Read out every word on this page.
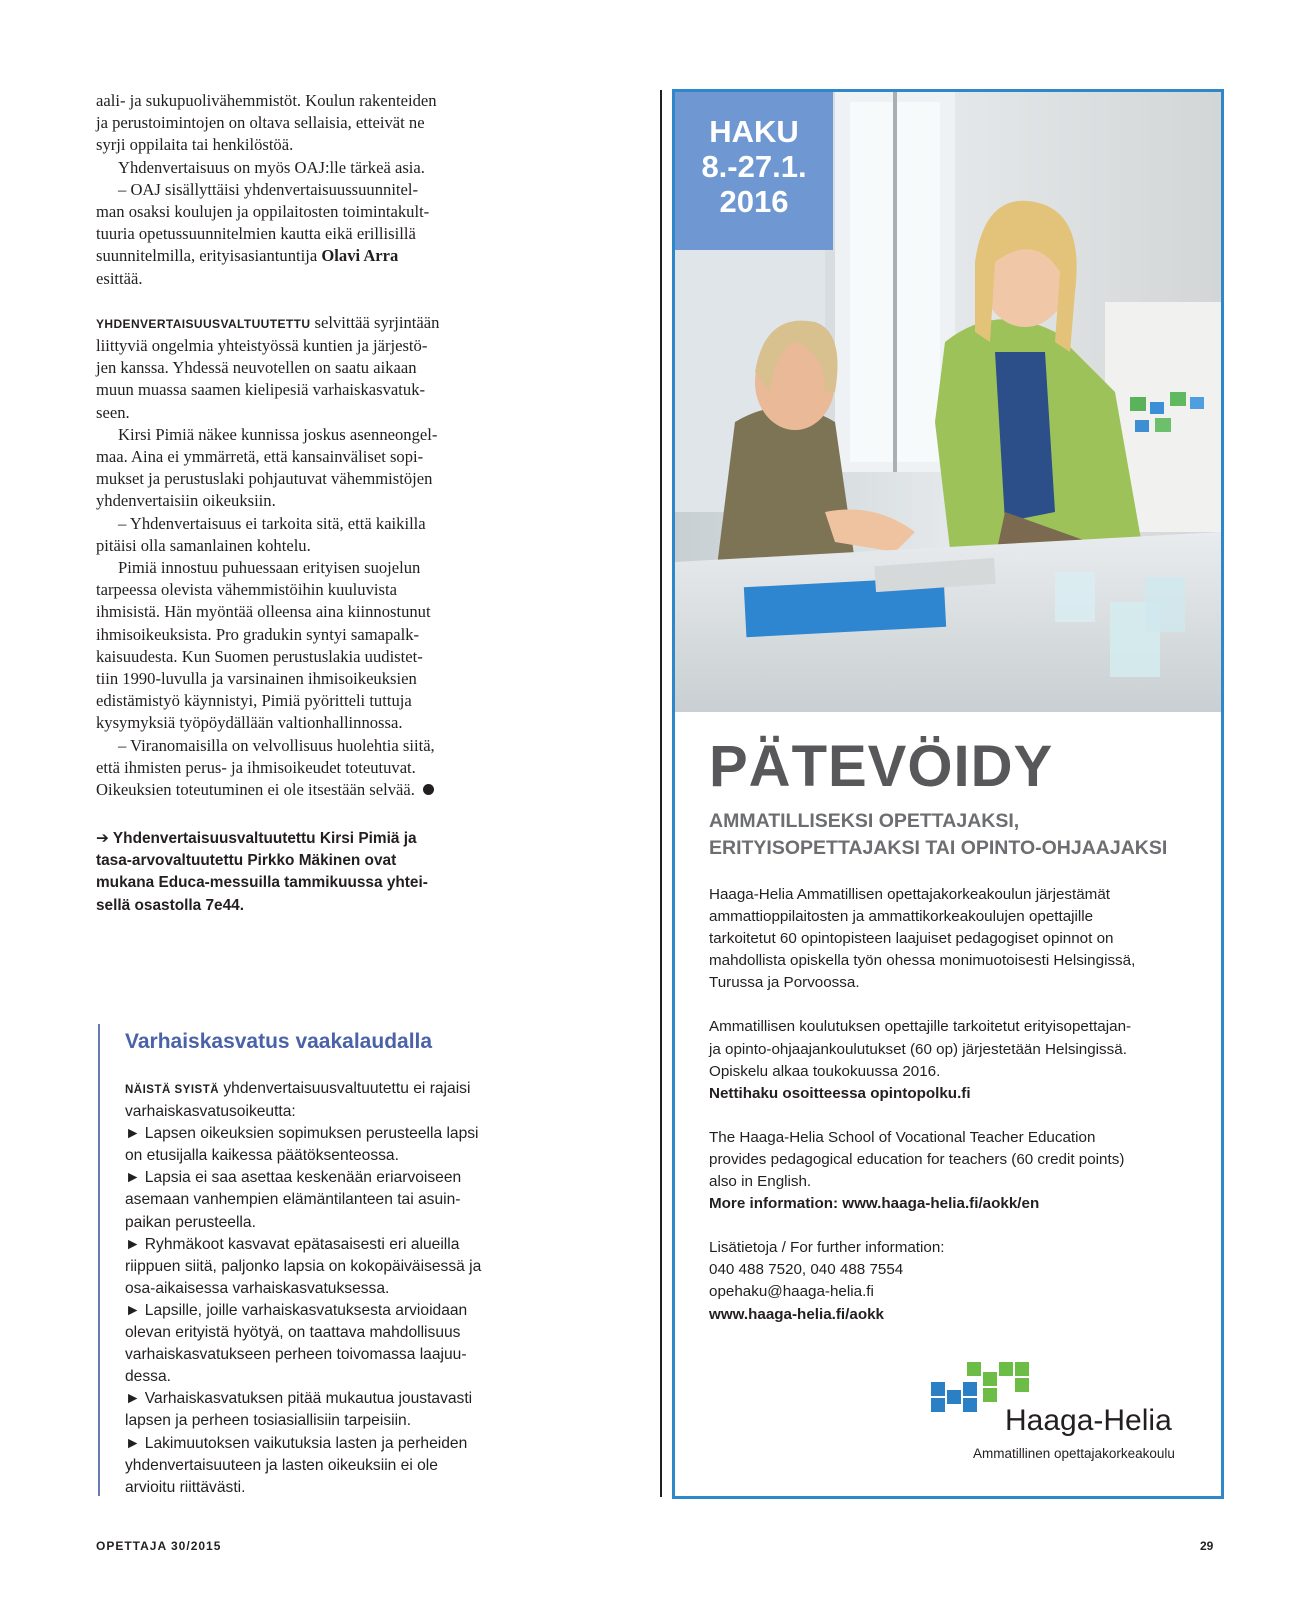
aali- ja sukupuolivähemmistöt. Koulun rakenteiden
ja perustoimintojen on oltava sellaisia, etteivät ne
syrji oppilaita tai henkilöstöä.

Yhdenvertaisuus on myös OAJ:lle tärkeä asia.

– OAJ sisällyttäisi yhdenvertaisuussuunnitel-

man osaksi koulujen ja oppilaitosten toimintakult-
tuuria opetussuunnitelmien kautta eikä erillisillä
suunnitelmilla, erityisasiantuntija Olavi Arra
esittää.

YHDENVERTAISUUSVALTUUTETTU selvittää syrjintään
liittyviä ongelmia yhteistyössä kuntien ja järjestö-
jen kanssa. Yhdessä neuvotellen on saatu aikaan
muun muassa saamen kielipesiä varhaiskasvatuk-
seen.

Kirsi Pimiä näkee kunnissa joskus asenneongel-
maa. Aina ei ymmärretä, että kansainväliset sopi-
mukset ja perustuslaki pohjautuvat vähemmistöjen
yhdenvertaisiin oikeuksiin.

– Yhdenvertaisuus ei tarkoita sitä, että kaikilla
pitäisi olla samanlainen kohtelu.

Pimiä innostuu puhuessaan erityisen suojelun
tarpeessa olevista vähemmistöihin kuuluvista
ihmisistä. Hän myöntää olleensa aina kiinnostunut
ihmisoikeuksista. Pro gradukin syntyi samapalk-
kaisuudesta. Kun Suomen perustuslakia uudistet-
tiin 1990-luvulla ja varsinainen ihmisoikeuksien
edistämistyö käynnistyi, Pimiä pyöritteli tuttuja
kysymyksiä työpöydällään valtionhallinnossa.

– Viranomaisilla on velvollisuus huolehtia siitä,
että ihmisten perus- ja ihmisoikeudet toteutuvat.
Oikeuksien toteutuminen ei ole itsestään selvää.

➔ Yhdenvertaisuusvaltuutettu Kirsi Pimiä ja
tasa-arvovaltuutettu Pirkko Mäkinen ovat
mukana Educa-messuilla tammikuussa yhtei-
sellä osastolla 7e44.
Varhaiskasvatus vaakalaudalla
NÄISTÄ SYISTÄ yhdenvertaisuusvaltuutettu ei rajaisi
varhaiskasvatusoikeutta:

► Lapsen oikeuksien sopimuksen perusteella lapsi
on etusijalla kaikessa päätöksenteossa.
► Lapsia ei saa asettaa keskenään eriarvoiseen
asemaan vanhempien elämäntilanteen tai asuin-
paikan perusteella.
► Ryhmäkoot kasvavat epätasaisesti eri alueilla
riippuen siitä, paljonko lapsia on kokopäiväisessä ja
osa-aikaisessa varhaiskasvatuksessa.
► Lapsille, joille varhaiskasvatuksesta arvioidaan
olevan erityistä hyötyä, on taattava mahdollisuus
varhaiskasvatukseen perheen toivomassa laajuu-
dessa.
► Varhaiskasvatuksen pitää mukautua joustavasti
lapsen ja perheen tosiasiallisiin tarpeisiin.
► Lakimuutoksen vaikutuksia lasten ja perheiden
yhdenvertaisuuteen ja lasten oikeuksiin ei ole
arvioitu riittävästi.
HAKU
8.-27.1.
2016
PÄTEVÖIDY
AMMATILLISEKSI OPETTAJAKSI,
ERITYISOPETTAJAKSI TAI OPINTO-OHJAAJAKSI
Haaga-Helia Ammatillisen opettajakorkeakoulun järjestämät
ammattioppilaitosten ja ammattikorkeakoulujen opettajille
tarkoitetut 60 opintopisteen laajuiset pedagogiset opinnot on
mahdollista opiskella työn ohessa monimuotoisesti Helsingissä,
Turussa ja Porvoossa.
Ammatillisen koulutuksen opettajille tarkoitetut erityisopettajan-
ja opinto-ohjaajankoulutukset (60 op) järjestetään Helsingissä.
Opiskelu alkaa toukokuussa 2016.
Nettihaku osoitteessa opintopolku.fi
The Haaga-Helia School of Vocational Teacher Education
provides pedagogical education for teachers (60 credit points)
also in English.
More information: www.haaga-helia.fi/aokk/en
Lisätietoja / For further information:
040 488 7520, 040 488 7554
opehaku@haaga-helia.fi
www.haaga-helia.fi/aokk
Haaga-Helia
Ammatillinen opettajakorkeakoulu
OPETTAJA 30/2015	29
